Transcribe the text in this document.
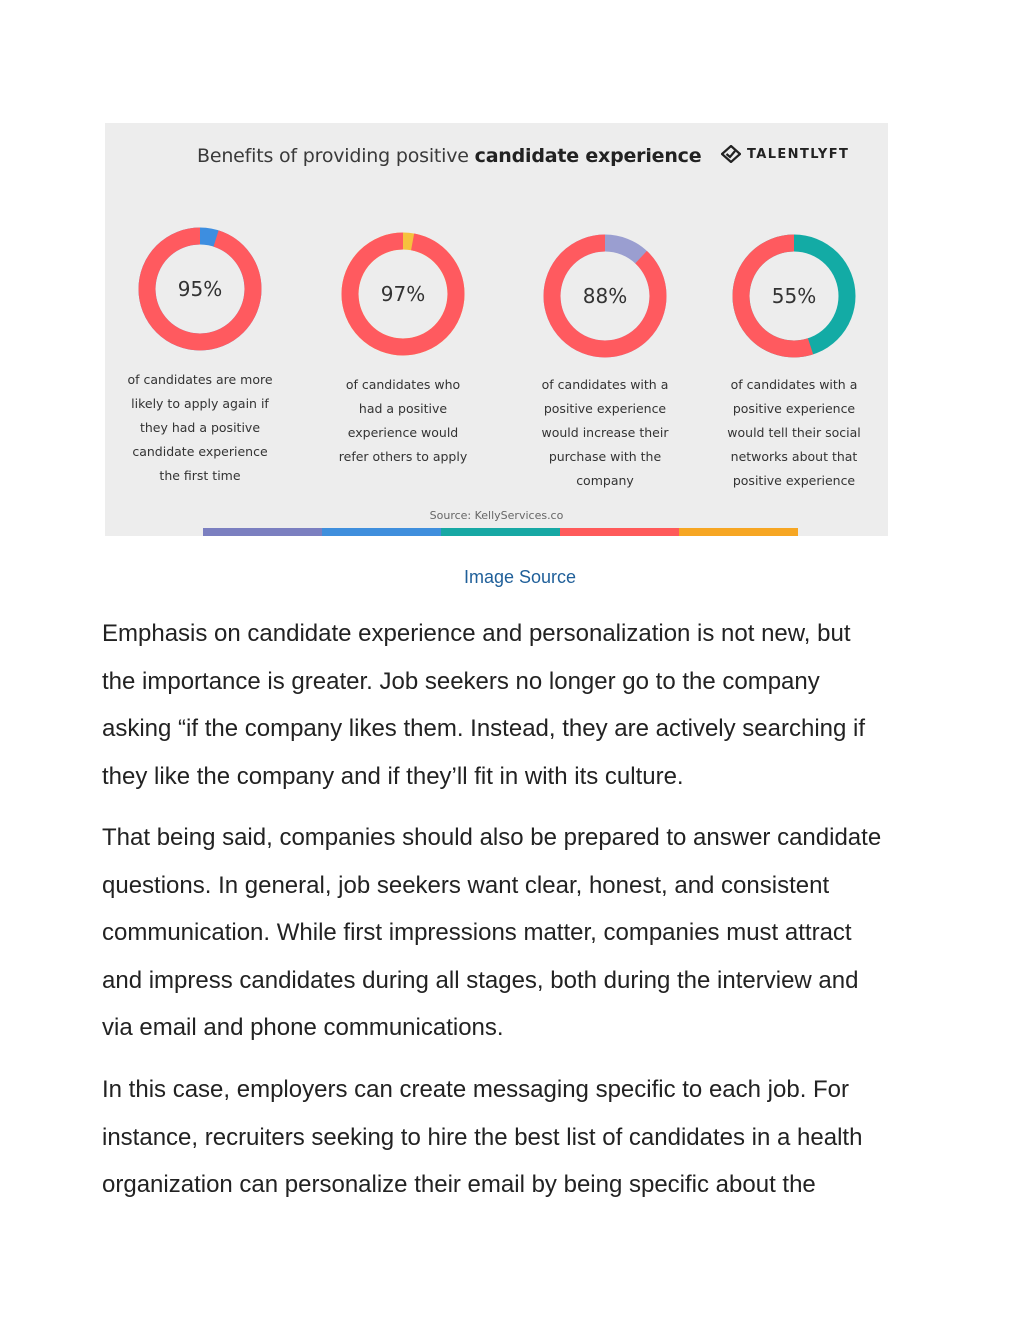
Benefits of providing positive candidate experience	TALENTLYFT
95%
of candidates are more
likely to apply again if
they had a positive
candidate experience
the first time
97%
of candidates who
had a positive
experience would
refer others to apply
88%
of candidates with a
positive experience
would increase their
purchase with the
company
55%
of candidates with a
positive experience
would tell their social
networks about that
positive experience
Source: KellyServices.co
Image Source
Emphasis on candidate experience and personalization is not new, but
the importance is greater. Job seekers no longer go to the company
asking “if the company likes them. Instead, they are actively searching if
they like the company and if they’ll fit in with its culture.
That being said, companies should also be prepared to answer candidate
questions. In general, job seekers want clear, honest, and consistent
communication. While first impressions matter, companies must attract
and impress candidates during all stages, both during the interview and
via email and phone communications.
In this case, employers can create messaging specific to each job. For
instance, recruiters seeking to hire the best list of candidates in a health
organization can personalize their email by being specific about the
